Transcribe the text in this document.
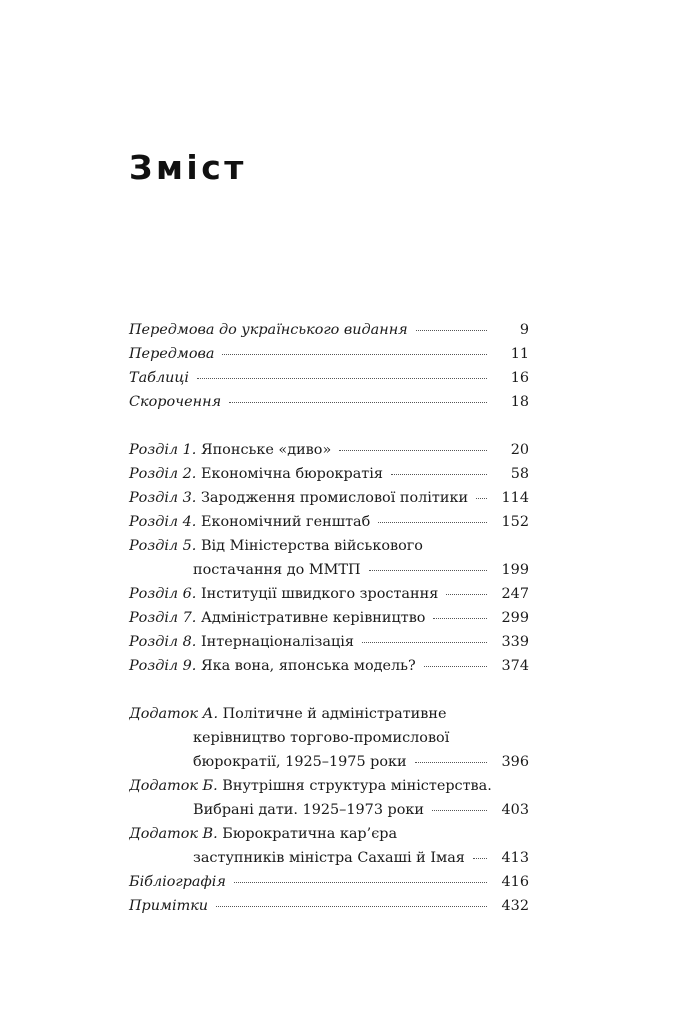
Зміст
Передмова до українського видання	9
Передмова	11
Таблиці	16
Скорочення	18
Розділ 1. Японське «диво»	20
Розділ 2. Економічна бюрократія	58
Розділ 3. Зародження промислової політики	114
Розділ 4. Економічний генштаб	152
Розділ 5. Від Міністерства військового
постачання до ММТП	199
Розділ 6. Інституції швидкого зростання	247
Розділ 7. Адміністративне керівництво	299
Розділ 8. Інтернаціоналізація	339
Розділ 9. Яка вона, японська модель?	374
Додаток А. Політичне й адміністративне
керівництво торгово-промислової
бюрократії, 1925–1975 роки	396
Додаток Б. Внутрішня структура міністерства.
Вибрані дати. 1925–1973 роки	403
Додаток В. Бюрократична кар’єра
заступників міністра Сахаші й Імая	413
Бібліографія	416
Примітки	432
